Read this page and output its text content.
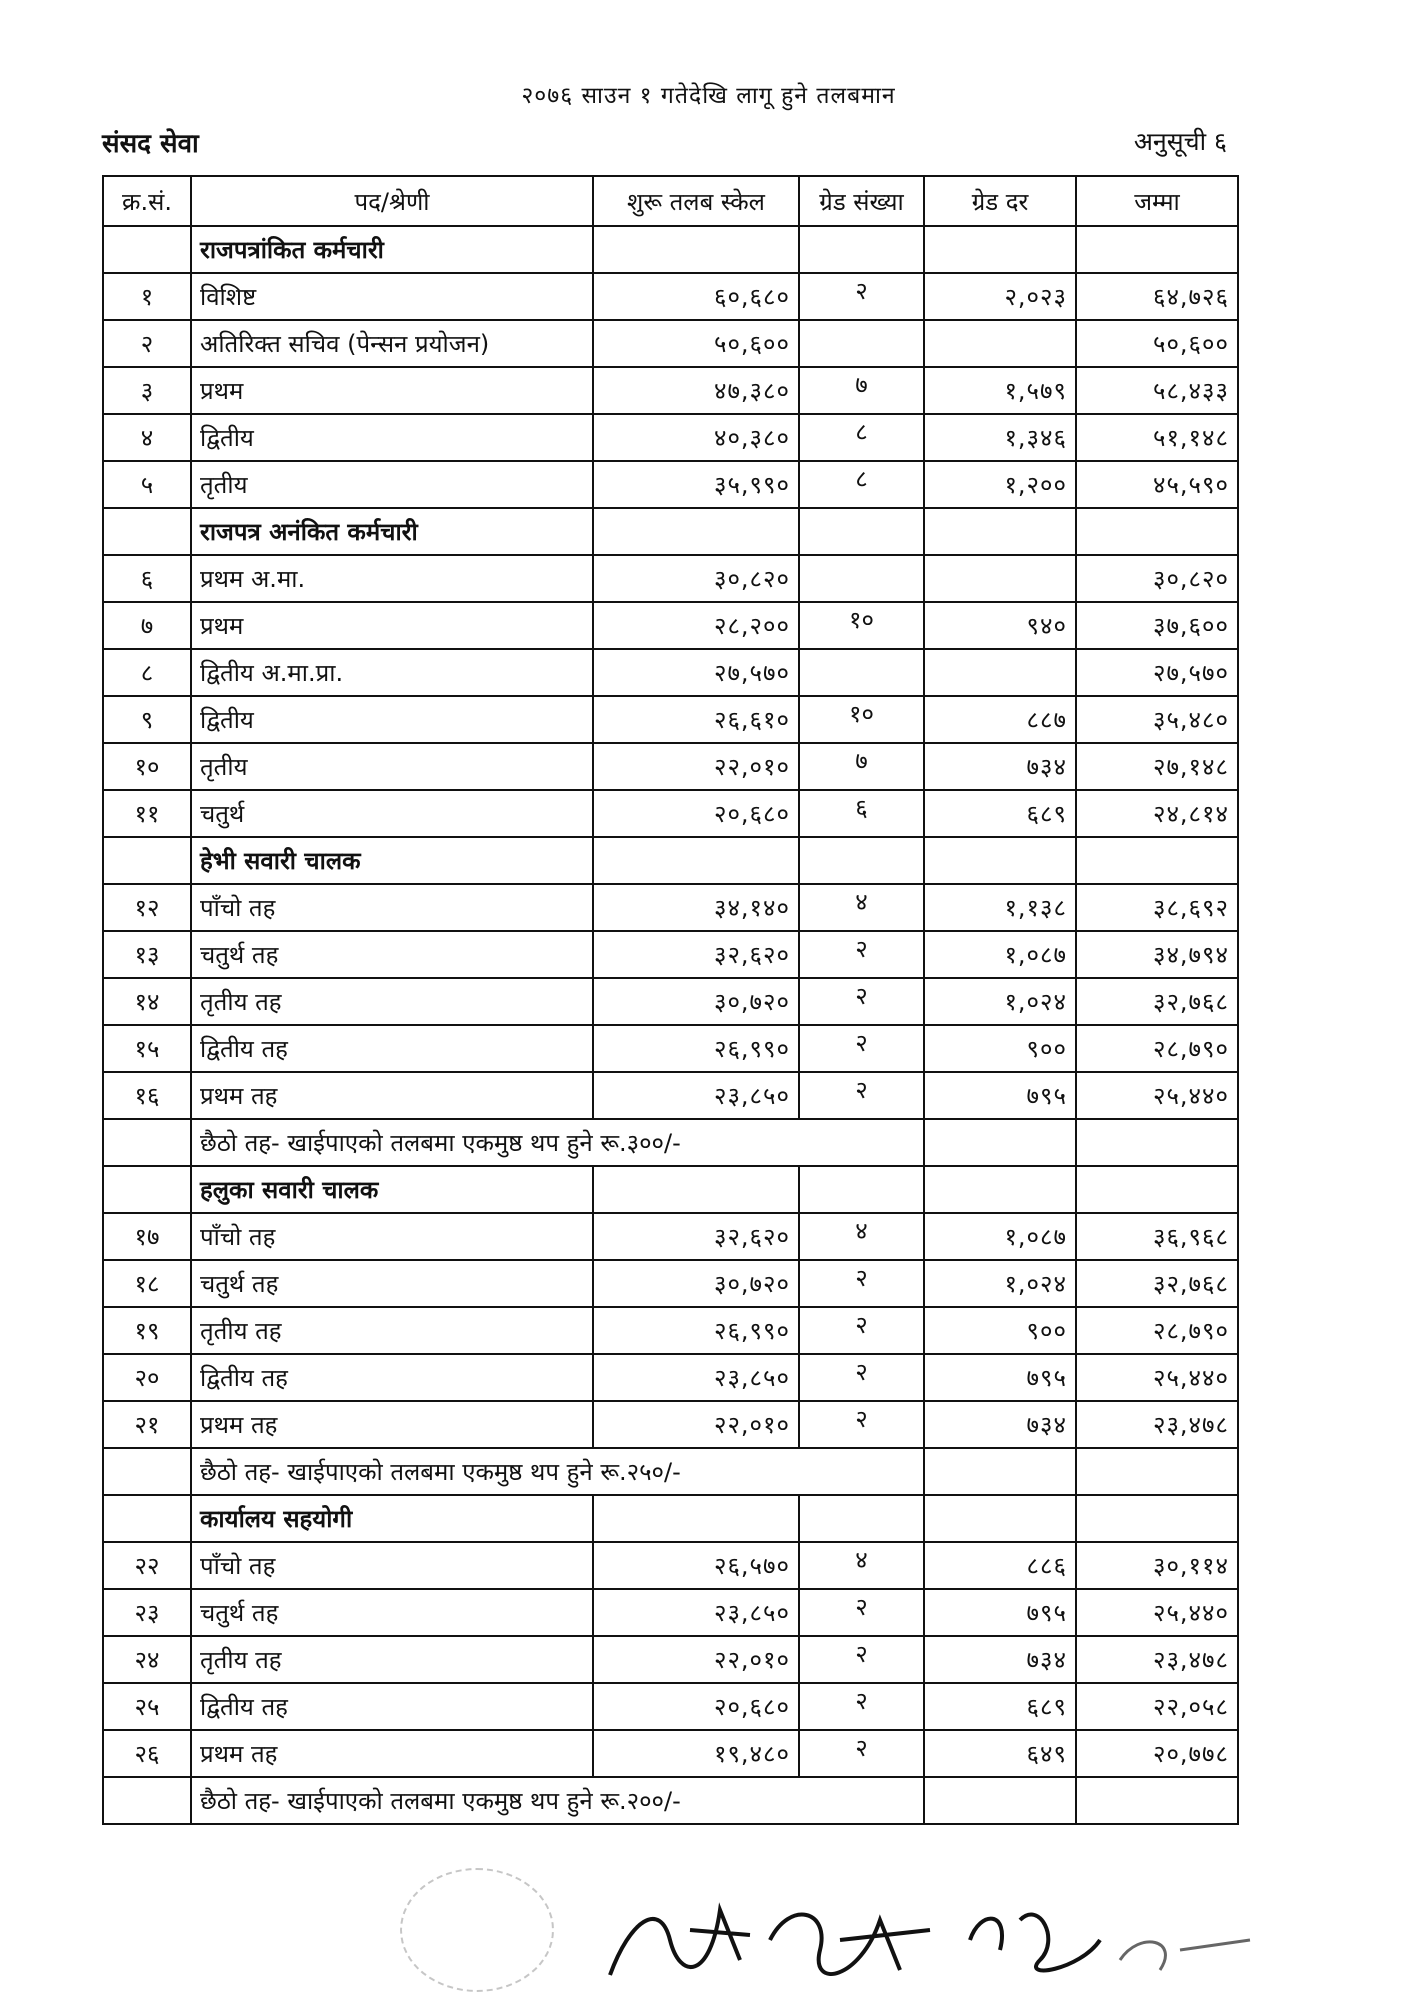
२०७६ साउन १ गतेदेखि लागू हुने तलबमान
संसद सेवा	अनुसूची ६
क्र.सं.	पद/श्रेणी	शुरू तलब स्केल	ग्रेड संख्या	ग्रेड दर	जम्मा
	राजपत्रांकित कर्मचारी				
१	विशिष्ट	६०,६८०	२	२,०२३	६४,७२६
२	अतिरिक्त सचिव (पेन्सन प्रयोजन)	५०,६००			५०,६००
३	प्रथम	४७,३८०	७	१,५७९	५८,४३३
४	द्वितीय	४०,३८०	८	१,३४६	५१,१४८
५	तृतीय	३५,९९०	८	१,२००	४५,५९०
	राजपत्र अनंकित कर्मचारी				
६	प्रथम अ.मा.	३०,८२०			३०,८२०
७	प्रथम	२८,२००	१०	९४०	३७,६००
८	द्वितीय अ.मा.प्रा.	२७,५७०			२७,५७०
९	द्वितीय	२६,६१०	१०	८८७	३५,४८०
१०	तृतीय	२२,०१०	७	७३४	२७,१४८
११	चतुर्थ	२०,६८०	६	६८९	२४,८१४
	हेभी सवारी चालक				
१२	पाँचो तह	३४,१४०	४	१,१३८	३८,६९२
१३	चतुर्थ तह	३२,६२०	२	१,०८७	३४,७९४
१४	तृतीय तह	३०,७२०	२	१,०२४	३२,७६८
१५	द्वितीय तह	२६,९९०	२	९००	२८,७९०
१६	प्रथम तह	२३,८५०	२	७९५	२५,४४०
	छैठो तह- खाईपाएको तलबमा एकमुष्ठ थप हुने रू.३००/-				
	हलुका सवारी चालक				
१७	पाँचो तह	३२,६२०	४	१,०८७	३६,९६८
१८	चतुर्थ तह	३०,७२०	२	१,०२४	३२,७६८
१९	तृतीय तह	२६,९९०	२	९००	२८,७९०
२०	द्वितीय तह	२३,८५०	२	७९५	२५,४४०
२१	प्रथम तह	२२,०१०	२	७३४	२३,४७८
	छैठो तह- खाईपाएको तलबमा एकमुष्ठ थप हुने रू.२५०/-				
	कार्यालय सहयोगी				
२२	पाँचो तह	२६,५७०	४	८८६	३०,११४
२३	चतुर्थ तह	२३,८५०	२	७९५	२५,४४०
२४	तृतीय तह	२२,०१०	२	७३४	२३,४७८
२५	द्वितीय तह	२०,६८०	२	६८९	२२,०५८
२६	प्रथम तह	१९,४८०	२	६४९	२०,७७८
	छैठो तह- खाईपाएको तलबमा एकमुष्ठ थप हुने रू.२००/-				
